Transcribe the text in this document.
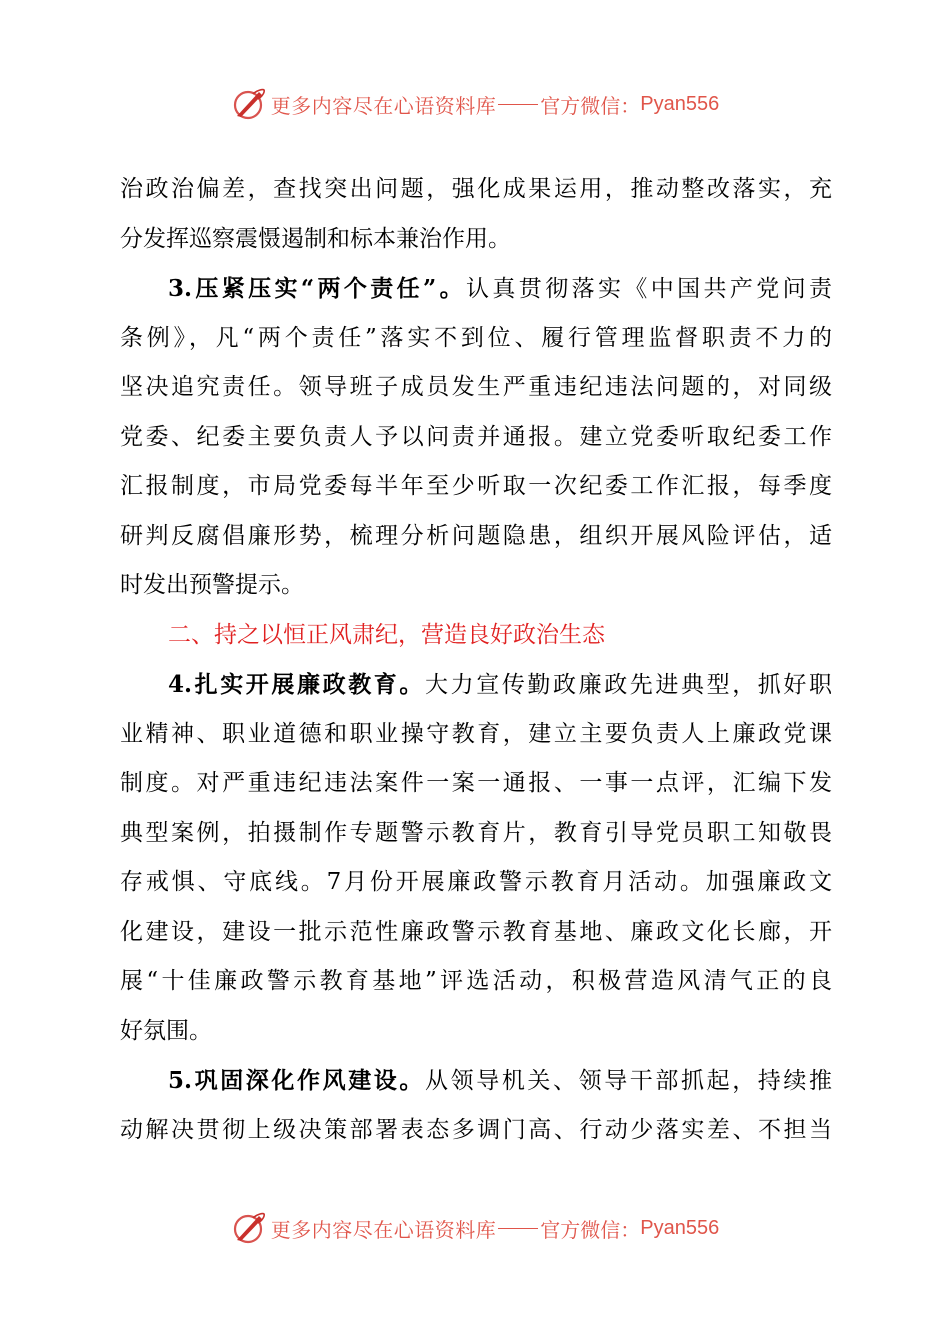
更多内容尽在心语资料库 官方微信： Pyan556
治政治偏差，查找突出问题，强化成果运用，推动整改落实，充
分发挥巡察震慑遏制和标本兼治作用。
3.压紧压实“两个责任”。认真贯彻落实《中国共产党问责
条例》，凡“两个责任”落实不到位、履行管理监督职责不力的
坚决追究责任。领导班子成员发生严重违纪违法问题的，对同级
党委、纪委主要负责人予以问责并通报。建立党委听取纪委工作
汇报制度，市局党委每半年至少听取一次纪委工作汇报，每季度
研判反腐倡廉形势，梳理分析问题隐患，组织开展风险评估，适
时发出预警提示。
二、持之以恒正风肃纪，营造良好政治生态
4.扎实开展廉政教育。大力宣传勤政廉政先进典型，抓好职
业精神、职业道德和职业操守教育，建立主要负责人上廉政党课
制度。对严重违纪违法案件一案一通报、一事一点评，汇编下发
典型案例，拍摄制作专题警示教育片，教育引导党员职工知敬畏
存戒惧、守底线。7月份开展廉政警示教育月活动。加强廉政文
化建设，建设一批示范性廉政警示教育基地、廉政文化长廊，开
展“十佳廉政警示教育基地”评选活动，积极营造风清气正的良
好氛围。
5.巩固深化作风建设。从领导机关、领导干部抓起，持续推
动解决贯彻上级决策部署表态多调门高、行动少落实差、不担当
更多内容尽在心语资料库 官方微信： Pyan556
